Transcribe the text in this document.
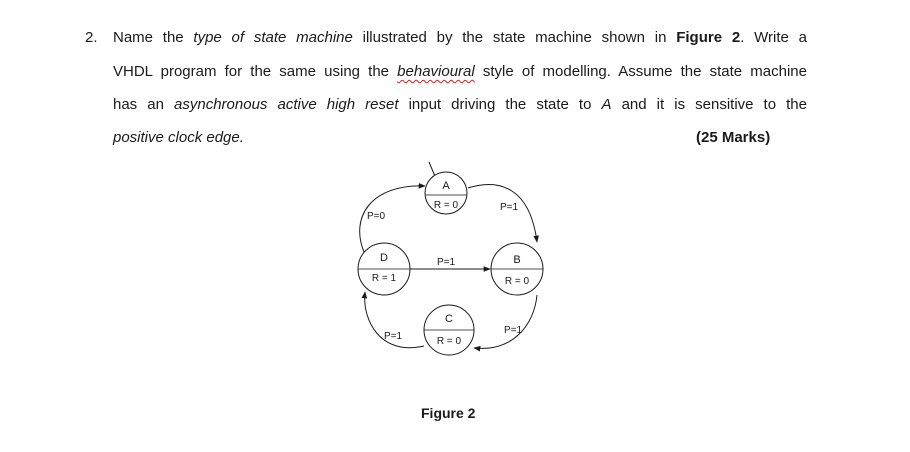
2. Name the type of state machine illustrated by the state machine shown in Figure 2. Write a
VHDL program for the same using the behavioural style of modelling. Assume the state machine
has an asynchronous active high reset input driving the state to A and it is sensitive to the
positive clock edge.	(25 Marks)
A
R = 0
B
R = 0
D
R = 1
C
R = 0
P=1
P=1
P=1
P=1
P=0
Figure 2
